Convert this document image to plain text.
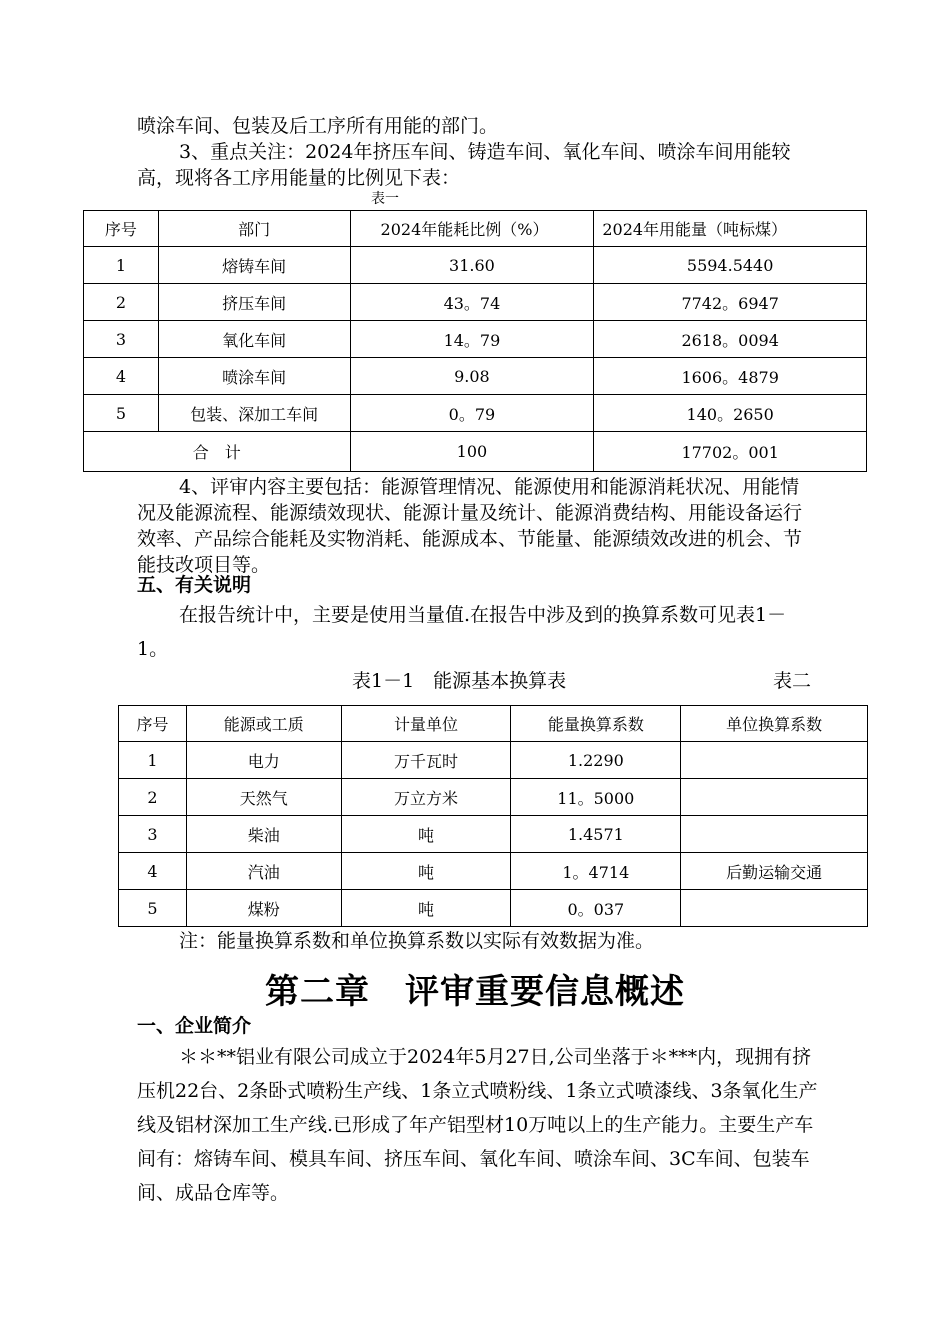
喷涂车间、包装及后工序所有用能的部门。

3、重点关注：2024年挤压车间、铸造车间、氧化车间、喷涂车间用能较高，现将各工序用能量的比例见下表：

表一
序号	部门	2024年能耗比例（%）	2024年用能量（吨标煤）
1	熔铸车间	31.60	5594.5440
2	挤压车间	43。74	7742。6947
3	氧化车间	14。79	2618。0094
4	喷涂车间	9.08	1606。4879
5	包装、深加工车间	0。79	140。2650
合　计		100	17702。001

4、评审内容主要包括：能源管理情况、能源使用和能源消耗状况、用能情况及能源流程、能源绩效现状、能源计量及统计、能源消费结构、用能设备运行效率、产品综合能耗及实物消耗、能源成本、节能量、能源绩效改进的机会、节能技改项目等。

五、有关说明

在报告统计中，主要是使用当量值.在报告中涉及到的换算系数可见表1－1。

表1－1　能源基本换算表	表二
序号	能源或工质	计量单位	能量换算系数	单位换算系数
1	电力	万千瓦时	1.2290	
2	天然气	万立方米	11。5000	
3	柴油	吨	1.4571	
4	汽油	吨	1。4714	后勤运输交通
5	煤粉	吨	0。037	

注：能量换算系数和单位换算系数以实际有效数据为准。

第二章　评审重要信息概述

一、企业简介

＊＊**铝业有限公司成立于2024年5月27日,公司坐落于＊***内，现拥有挤压机22台、2条卧式喷粉生产线、1条立式喷粉线、1条立式喷漆线、3条氧化生产线及铝材深加工生产线.已形成了年产铝型材10万吨以上的生产能力。主要生产车间有：熔铸车间、模具车间、挤压车间、氧化车间、喷涂车间、3C车间、包装车间、成品仓库等。
